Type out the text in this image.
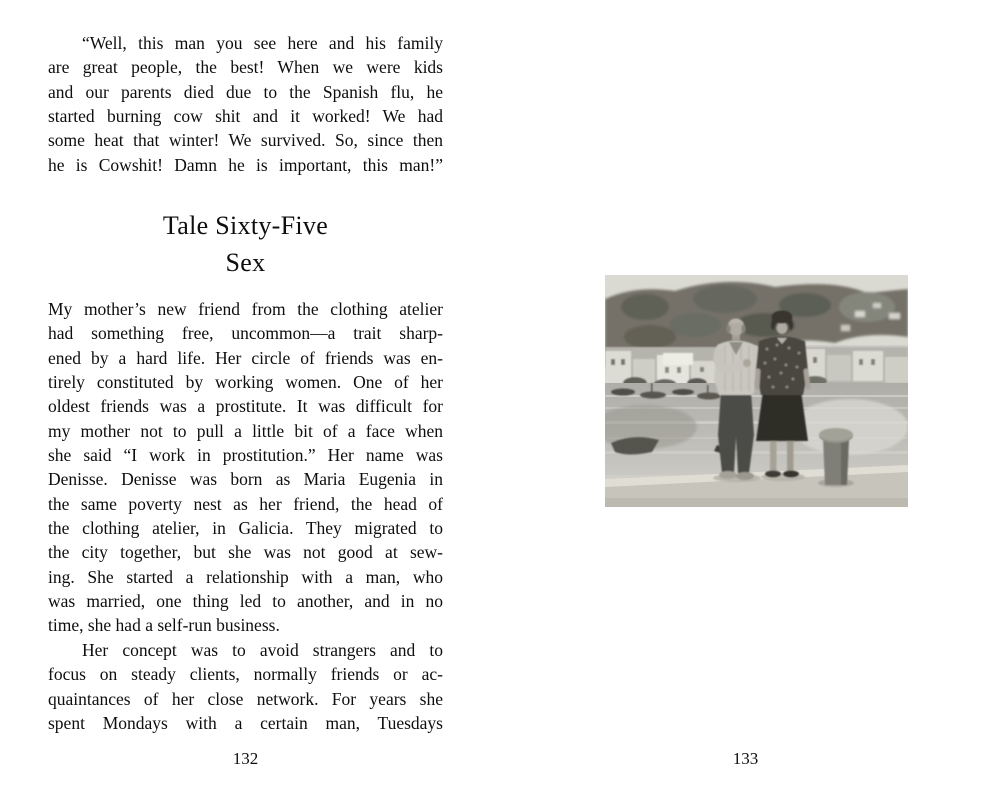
“Well, this man you see here and his family
are great people, the best! When we were kids
and our parents died due to the Spanish flu, he
started burning cow shit and it worked! We had
some heat that winter! We survived. So, since then
he is Cowshit! Damn he is important, this man!”
Tale Sixty-Five
Sex
My mother’s new friend from the clothing atelier
had something free, uncommon—a trait sharp-
ened by a hard life. Her circle of friends was en-
tirely constituted by working women. One of her
oldest friends was a prostitute. It was difficult for
my mother not to pull a little bit of a face when
she said “I work in prostitution.” Her name was
Denisse. Denisse was born as Maria Eugenia in
the same poverty nest as her friend, the head of
the clothing atelier, in Galicia. They migrated to
the city together, but she was not good at sew-
ing. She started a relationship with a man, who
was married, one thing led to another, and in no
time, she had a self-run business.
Her concept was to avoid strangers and to
focus on steady clients, normally friends or ac-
quaintances of her close network. For years she
spent Mondays with a certain man, Tuesdays
132	133
